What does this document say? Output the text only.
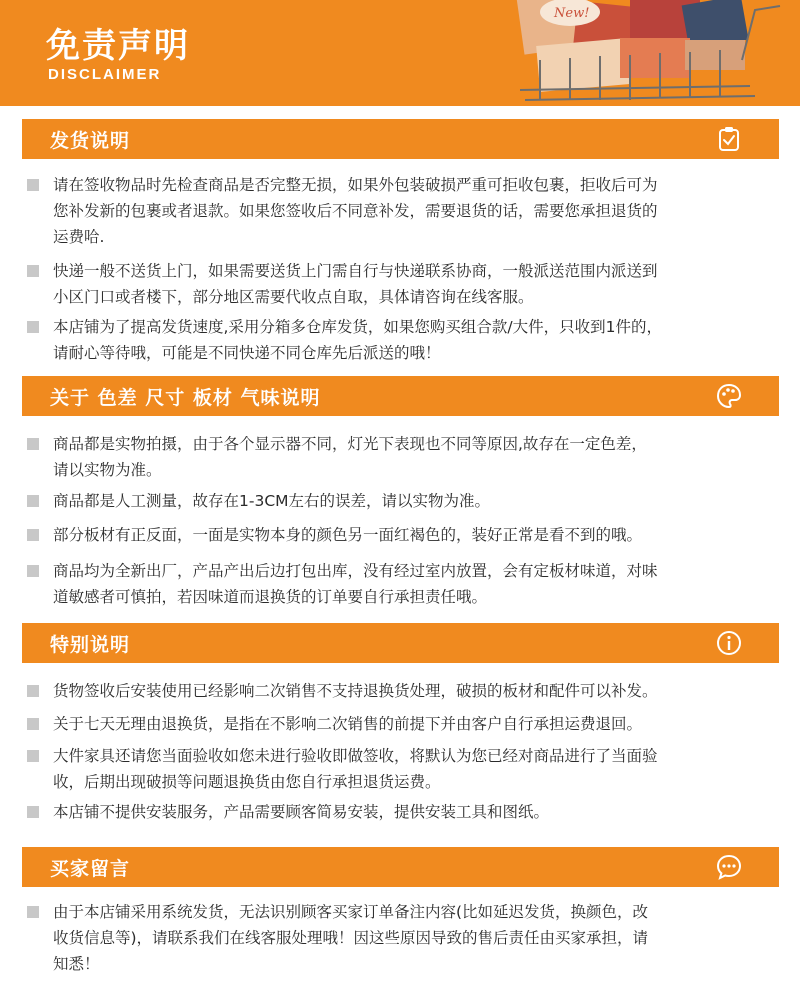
免责声明
DISCLAIMER
New!
发货说明
请在签收物品时先检查商品是否完整无损，如果外包装破损严重可拒收包裹，拒收后可为
您补发新的包裹或者退款。如果您签收后不同意补发，需要退货的话，需要您承担退货的
运费哈.
快递一般不送货上门，如果需要送货上门需自行与快递联系协商，一般派送范围内派送到
小区门口或者楼下，部分地区需要代收点自取，具体请咨询在线客服。
本店铺为了提高发货速度,采用分箱多仓库发货，如果您购买组合款/大件，只收到1件的，
请耐心等待哦，可能是不同快递不同仓库先后派送的哦！
关于 色差 尺寸 板材 气味说明
商品都是实物拍摄，由于各个显示器不同，灯光下表现也不同等原因,故存在一定色差，
请以实物为准。
商品都是人工测量，故存在1-3CM左右的误差，请以实物为准。
部分板材有正反面，一面是实物本身的颜色另一面红褐色的，装好正常是看不到的哦。
商品均为全新出厂，产品产出后边打包出库，没有经过室内放置，会有定板材味道，对味
道敏感者可慎拍，若因味道而退换货的订单要自行承担责任哦。
特别说明
货物签收后安装使用已经影响二次销售不支持退换货处理，破损的板材和配件可以补发。
关于七天无理由退换货，是指在不影响二次销售的前提下并由客户自行承担运费退回。
大件家具还请您当面验收如您未进行验收即做签收，将默认为您已经对商品进行了当面验
收，后期出现破损等问题退换货由您自行承担退货运费。
本店铺不提供安装服务，产品需要顾客简易安装，提供安装工具和图纸。
买家留言
由于本店铺采用系统发货，无法识别顾客买家订单备注内容(比如延迟发货，换颜色，改
收货信息等)，请联系我们在线客服处理哦！因这些原因导致的售后责任由买家承担，请
知悉！
